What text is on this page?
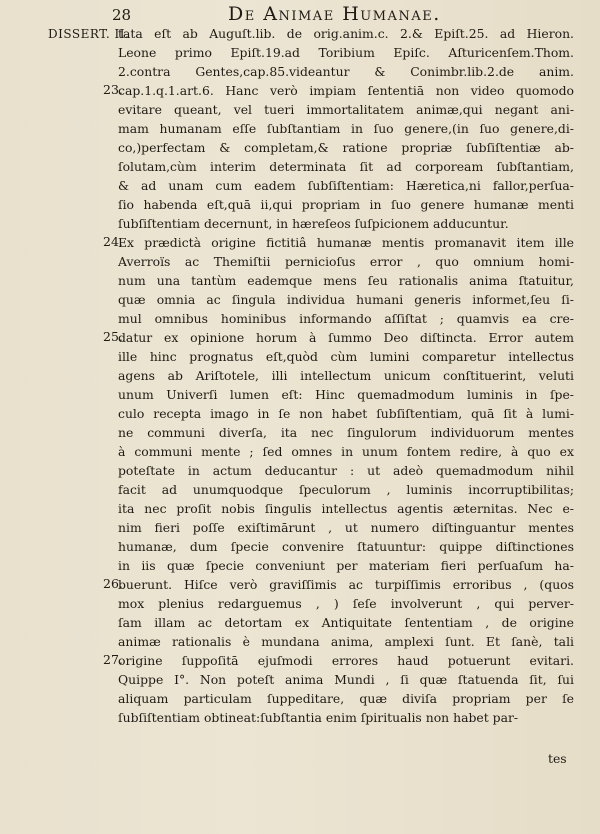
28	De Animae Humanae.
DISSERT. II.
tata eſt ab Auguſt.lib. de orig.anim.c. 2.& Epiſt.25. ad Hieron.
Leone primo Epiſt.19.ad Toribium Epiſc. Aſturicenſem.Thom.
2.contra Gentes,cap.85.videantur & Conimbr.lib.2.de anim.
cap.1.q.1.art.6. Hanc verò impiam ſententiā non video quomodo
evitare queant, vel tueri immortalitatem animæ,qui negant ani-
mam humanam eſſe ſubſtantiam in ſuo genere,(in ſuo genere,di-
co,)perfectam & completam,& ratione propriæ ſubſiſtentiæ ab-
ſolutam,cùm interim determinata ſit ad corpoream ſubſtantiam,
& ad unam cum eadem ſubſiſtentiam: Hæretica,ni fallor,perſua-
ſio habenda eſt,quā ii,qui propriam in ſuo genere humanæ menti
ſubſiſtentiam decernunt, in hæreſeos ſuſpicionem adducuntur.
Ex prædictà origine fictitiâ humanæ mentis promanavit item ille
Averroïs ac Themiſtii pernicioſus error , quo omnium homi-
num una tantùm eademque mens ſeu rationalis anima ſtatuitur,
quæ omnia ac ſingula individua humani generis informet,ſeu ſi-
mul omnibus hominibus informando aſſiſtat ; quamvis ea cre-
datur ex opinione horum à ſummo Deo diſtincta. Error autem
ille hinc prognatus eſt,quòd cùm lumini comparetur intellectus
agens ab Ariſtotele, illi intellectum unicum conſtituerint, veluti
unum Univerſi lumen eſt: Hinc quemadmodum luminis in ſpe-
culo recepta imago in ſe non habet ſubſiſtentiam, quā ſit à lumi-
ne communi diverſa, ita nec ſingulorum individuorum mentes
à communi mente ; ſed omnes in unum fontem redire, à quo ex
poteſtate in actum deducantur : ut adeò quemadmodum nihil
facit ad unumquodque ſpeculorum , luminis incorruptibilitas;
ita nec proſit nobis ſingulis intellectus agentis æternitas. Nec e-
nim fieri poſſe exiſtimārunt , ut numero diſtinguantur mentes
humanæ, dum ſpecie convenire ſtatuuntur: quippe diſtinctiones
in iis quæ ſpecie conveniunt per materiam fieri perſuaſum ha-
buerunt. Hiſce verò graviſſimis ac turpiſſimis erroribus , (quos
mox plenius redarguemus , ) ſeſe involverunt , qui perver-
ſam illam ac detortam ex Antiquitate ſententiam , de origine
animæ rationalis è mundana anima, amplexi ſunt. Et ſanè, tali
origine ſuppoſitā ejuſmodi errores haud potuerunt evitari.
Quippe I°. Non poteſt anima Mundi , ſi quæ ſtatuenda ſit, ſui
aliquam particulam ſuppeditare, quæ diviſa propriam per ſe
ſubſiſtentiam obtineat:ſubſtantia enim ſpiritualis non habet par-
23.
24.
25.
26.
27.
tes
